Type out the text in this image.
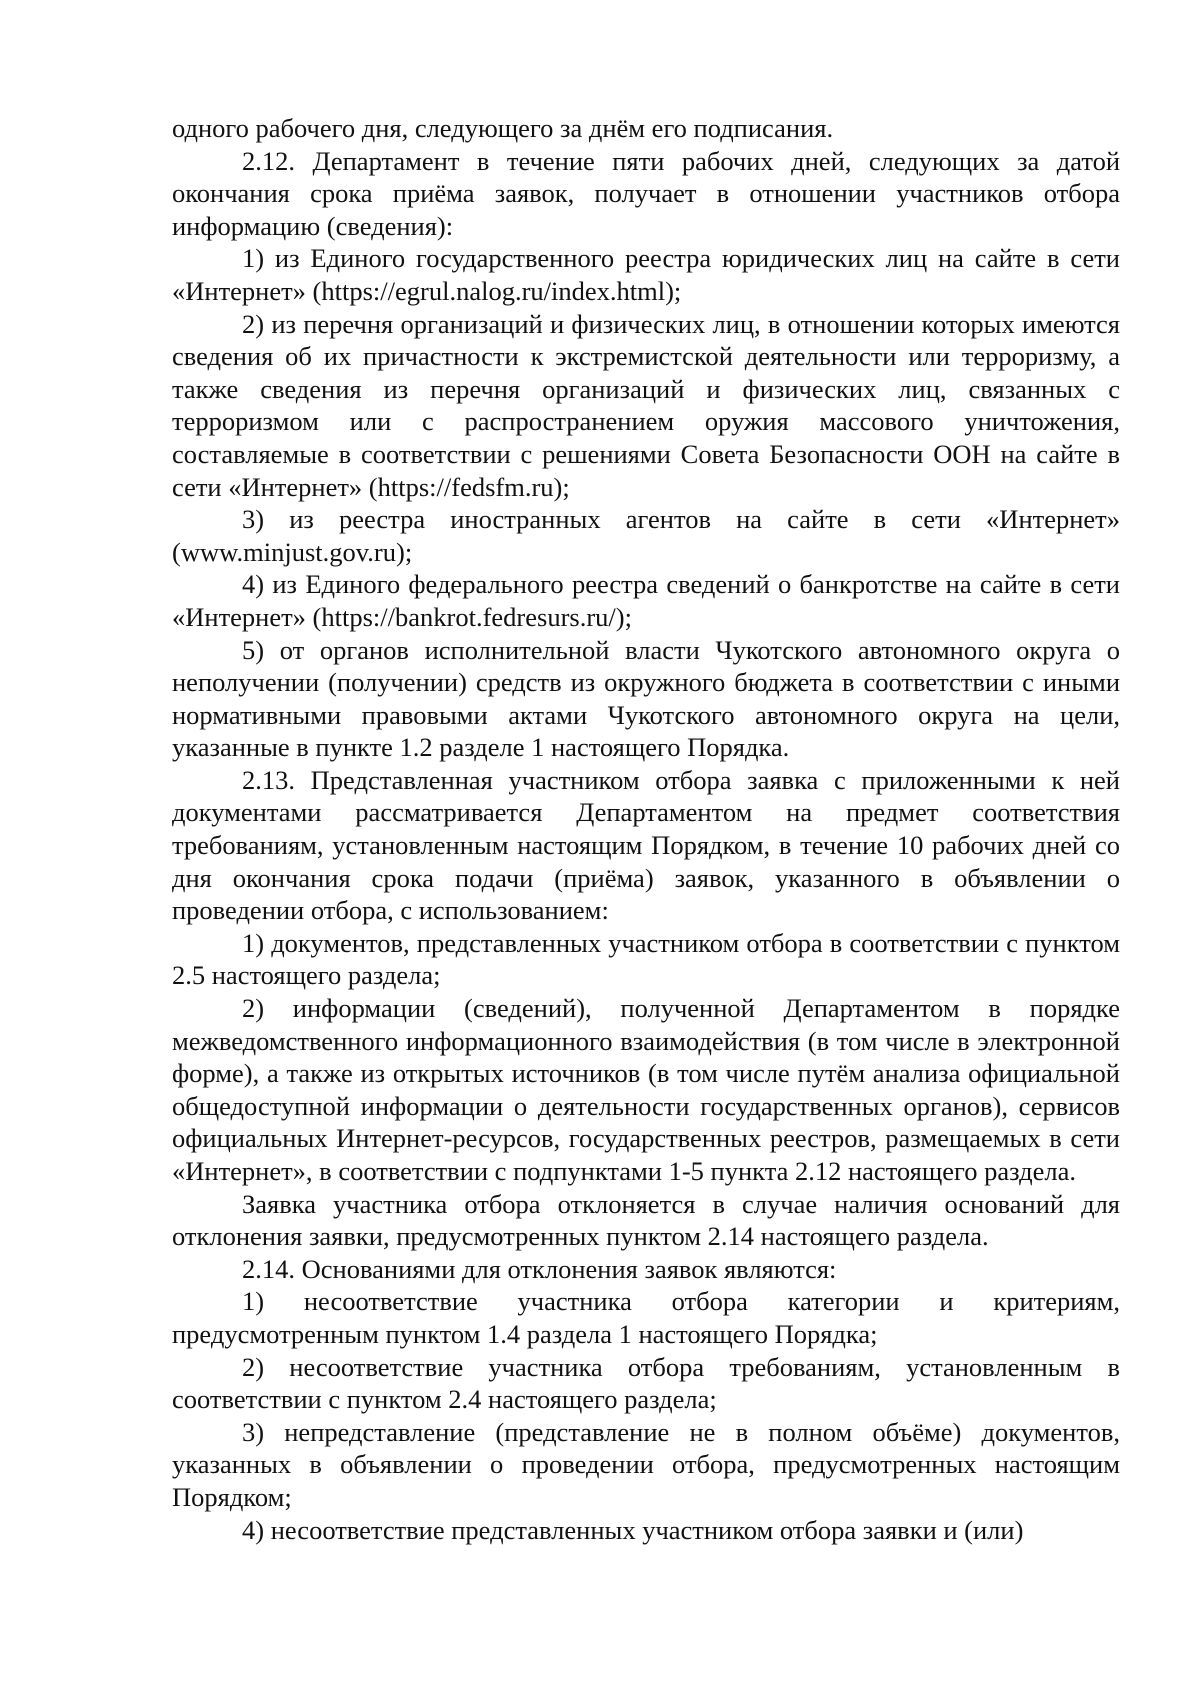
одного рабочего дня, следующего за днём его подписания.

2.12. Департамент в течение пяти рабочих дней, следующих за датой окончания срока приёма заявок, получает в отношении участников отбора информацию (сведения):

1) из Единого государственного реестра юридических лиц на сайте в сети «Интернет» (https://egrul.nalog.ru/index.html);

2) из перечня организаций и физических лиц, в отношении которых имеются сведения об их причастности к экстремистской деятельности или терроризму, а также сведения из перечня организаций и физических лиц, связанных с терроризмом или с распространением оружия массового уничтожения, составляемые в соответствии с решениями Совета Безопасности ООН на сайте в сети «Интернет» (https://fedsfm.ru);

3) из реестра иностранных агентов на сайте в сети «Интернет» (www.minjust.gov.ru);

4) из Единого федерального реестра сведений о банкротстве на сайте в сети «Интернет» (https://bankrot.fedresurs.ru/);

5) от органов исполнительной власти Чукотского автономного округа о неполучении (получении) средств из окружного бюджета в соответствии с иными нормативными правовыми актами Чукотского автономного округа на цели, указанные в пункте 1.2 разделе 1 настоящего Порядка.

2.13. Представленная участником отбора заявка с приложенными к ней документами рассматривается Департаментом на предмет соответствия требованиям, установленным настоящим Порядком, в течение 10 рабочих дней со дня окончания срока подачи (приёма) заявок, указанного в объявлении о проведении отбора, с использованием:

1) документов, представленных участником отбора в соответствии с пунктом 2.5 настоящего раздела;

2) информации (сведений), полученной Департаментом в порядке межведомственного информационного взаимодействия (в том числе в электронной форме), а также из открытых источников (в том числе путём анализа официальной общедоступной информации о деятельности государственных органов), сервисов официальных Интернет-ресурсов, государственных реестров, размещаемых в сети «Интернет», в соответствии с подпунктами 1-5 пункта 2.12 настоящего раздела.

Заявка участника отбора отклоняется в случае наличия оснований для отклонения заявки, предусмотренных пунктом 2.14 настоящего раздела.

2.14. Основаниями для отклонения заявок являются:

1) несоответствие участника отбора категории и критериям, предусмотренным пунктом 1.4 раздела 1 настоящего Порядка;

2) несоответствие участника отбора требованиям, установленным в соответствии с пунктом 2.4 настоящего раздела;

3) непредставление (представление не в полном объёме) документов, указанных в объявлении о проведении отбора, предусмотренных настоящим Порядком;

4) несоответствие представленных участником отбора заявки и (или)
